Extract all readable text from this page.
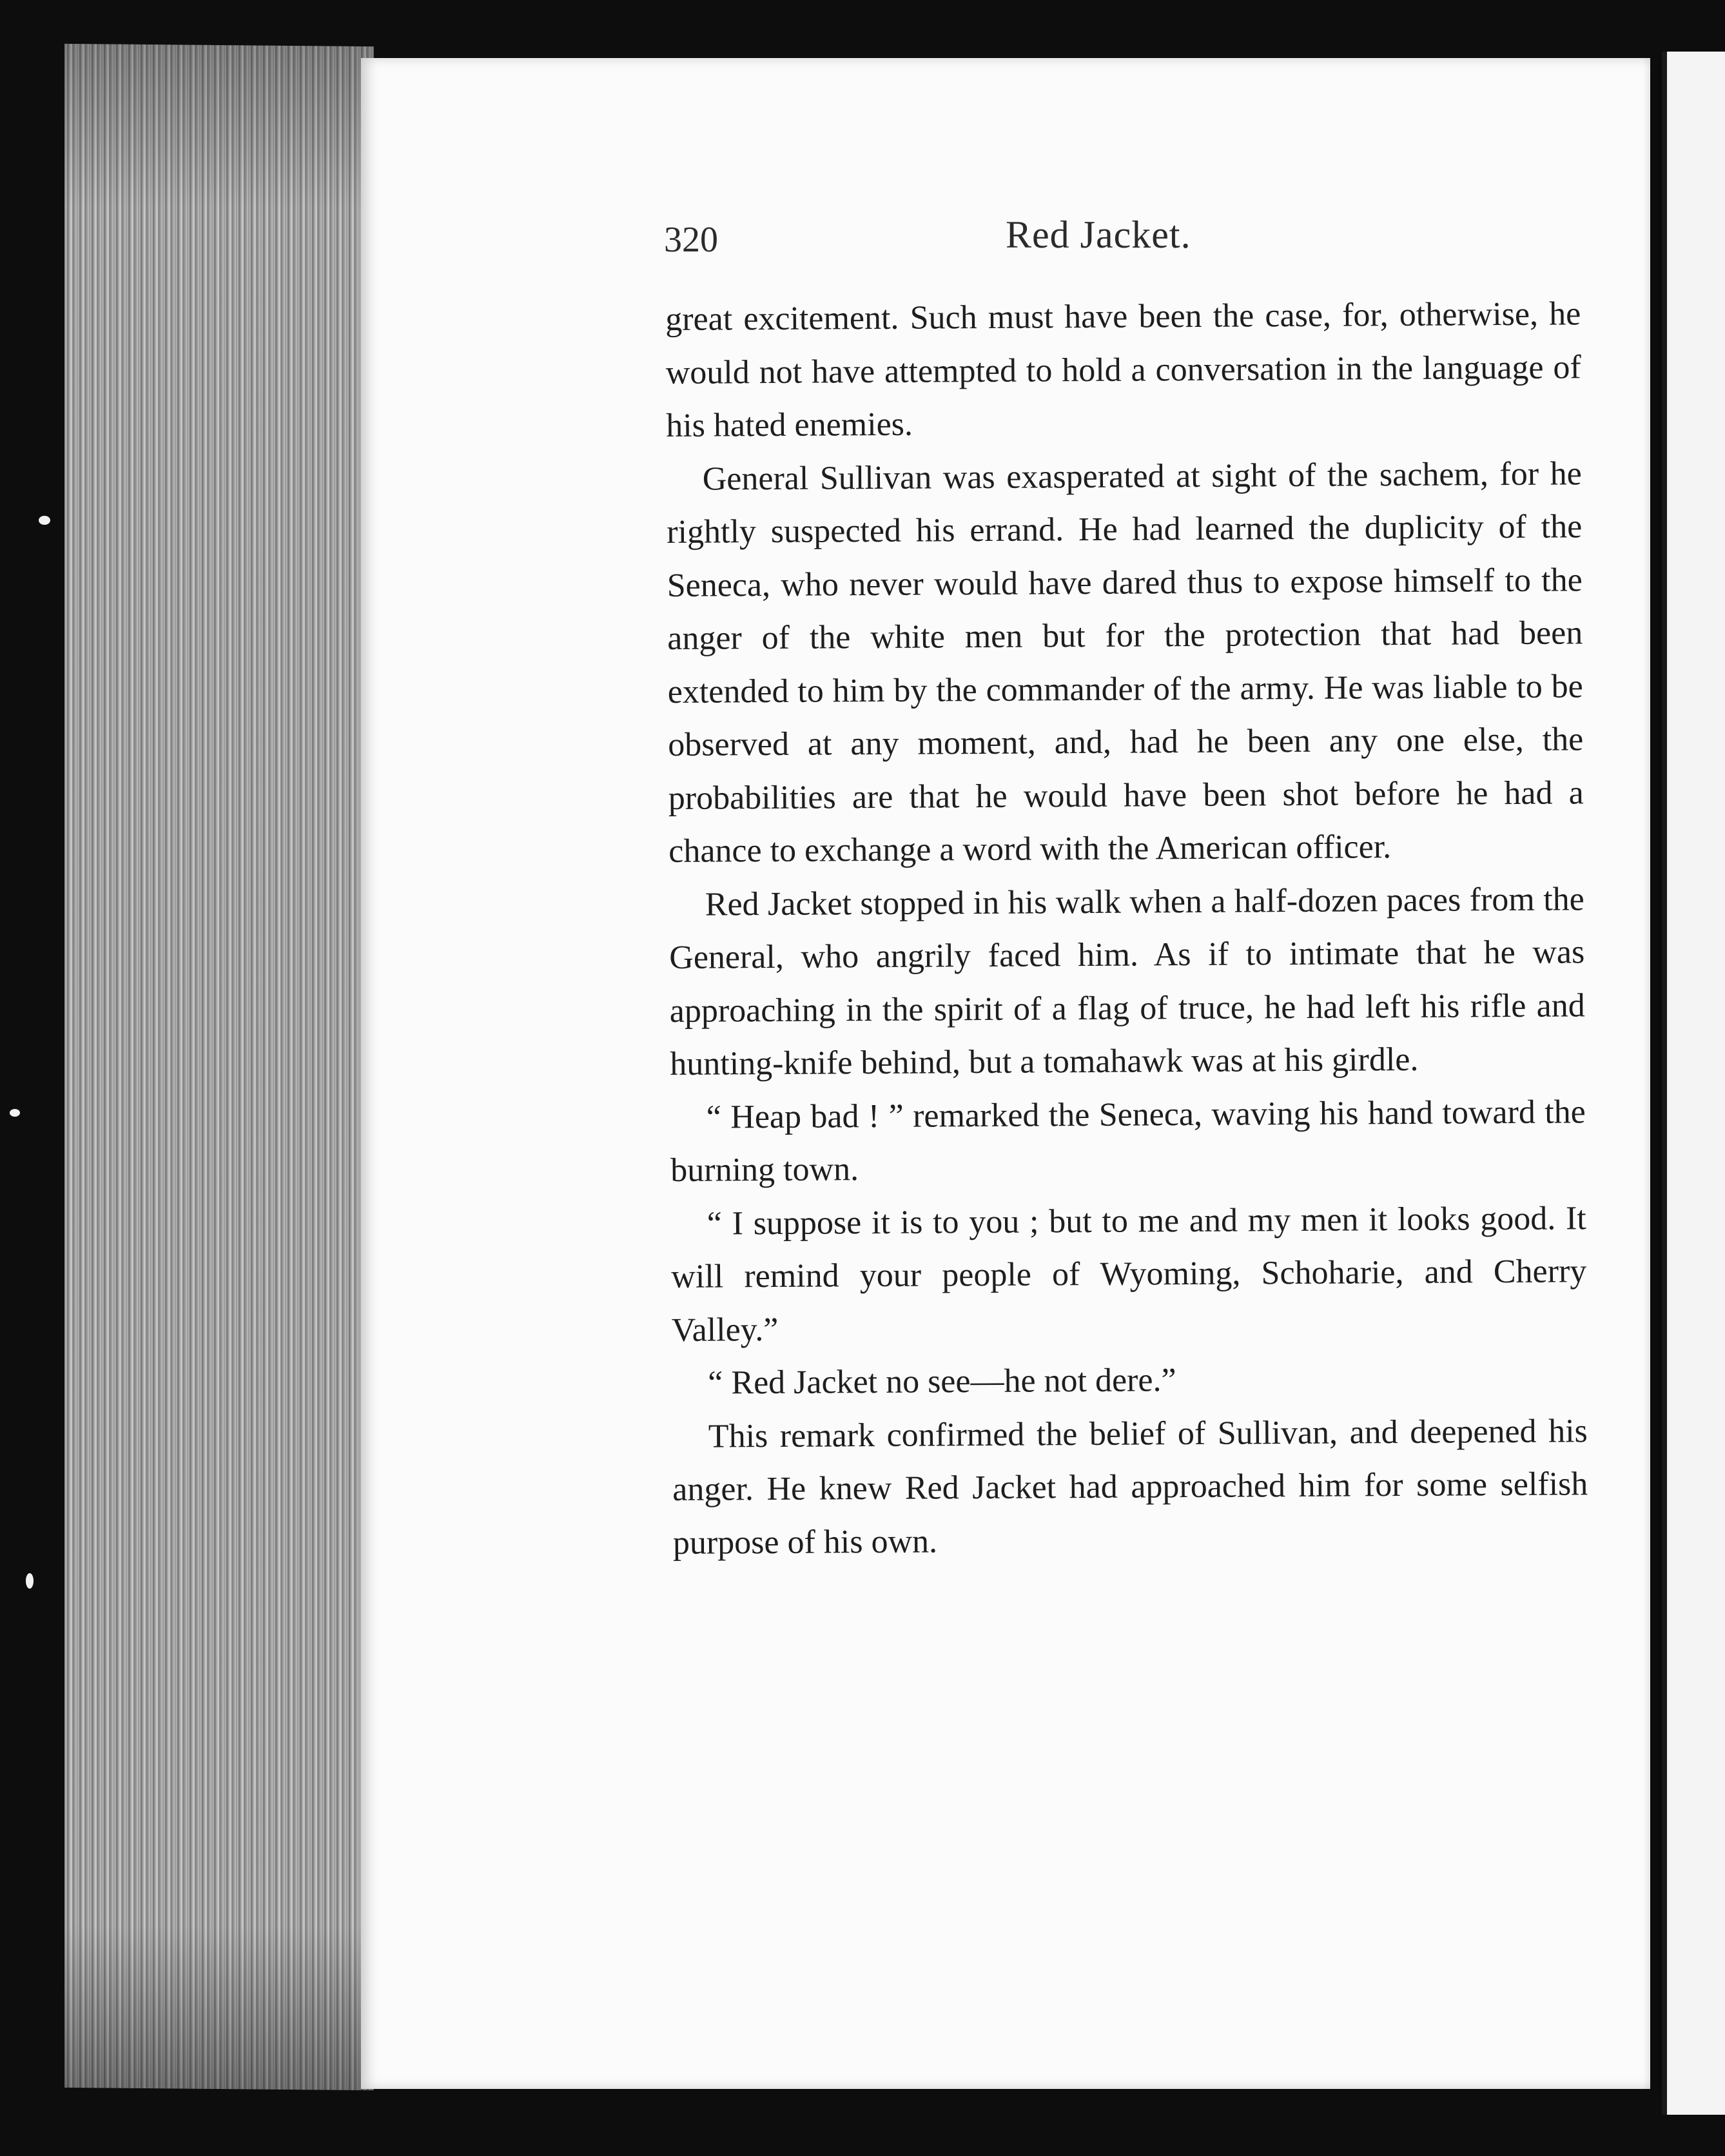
320	Red Jacket.

great excitement. Such must have been the case, for, otherwise, he would not have attempted to hold a conversation in the language of his hated enemies.

General Sullivan was exasperated at sight of the sachem, for he rightly suspected his errand. He had learned the duplicity of the Seneca, who never would have dared thus to expose himself to the anger of the white men but for the protection that had been extended to him by the commander of the army. He was liable to be observed at any moment, and, had he been any one else, the probabilities are that he would have been shot before he had a chance to exchange a word with the American officer.

Red Jacket stopped in his walk when a half-dozen paces from the General, who angrily faced him. As if to intimate that he was approaching in the spirit of a flag of truce, he had left his rifle and hunting-knife behind, but a tomahawk was at his girdle.

“ Heap bad ! ” remarked the Seneca, waving his hand toward the burning town.

“ I suppose it is to you ; but to me and my men it looks good. It will remind your people of Wyoming, Schoharie, and Cherry Valley.”

“ Red Jacket no see—he not dere.”

This remark confirmed the belief of Sullivan, and deepened his anger. He knew Red Jacket had approached him for some selfish purpose of his own.
